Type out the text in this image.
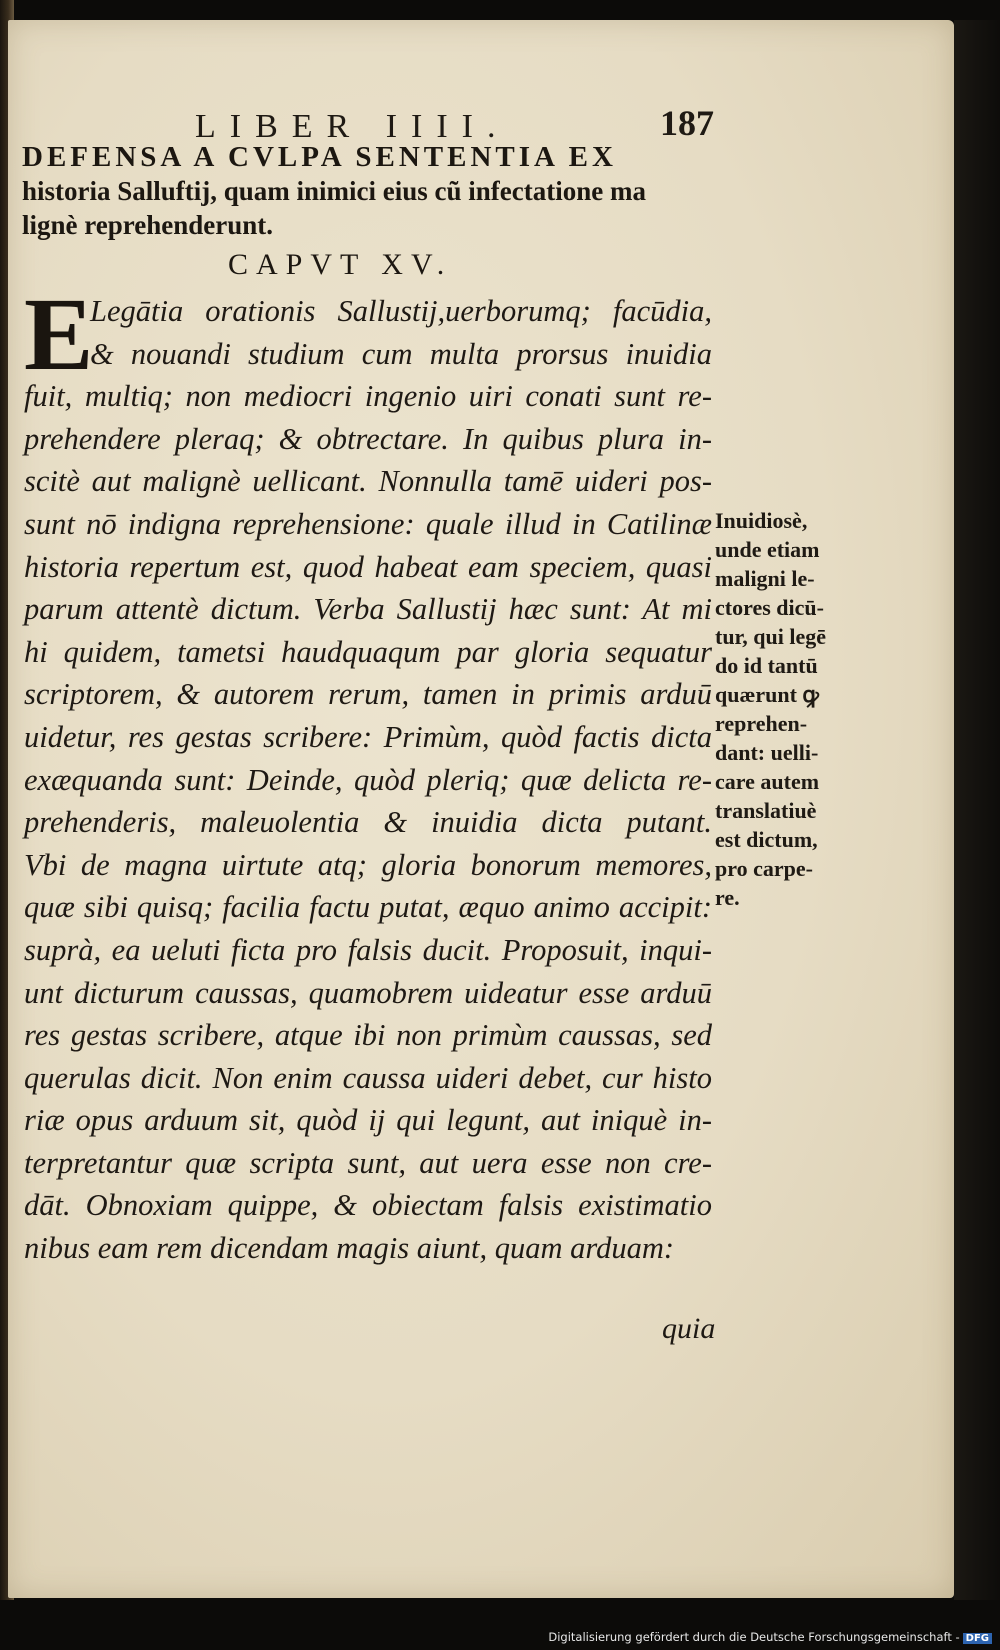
LIBER IIII.	187
DEFENSA A CVLPA SENTENTIA EX
historia Salluftij, quam inimici eius cũ infectatione ma
lignè reprehenderunt.
CAPVT XV.
E
Legātia orationis Sallustij,uerborumq; facūdia,
& nouandi studium cum multa prorsus inuidia
fuit, multiq; non mediocri ingenio uiri conati sunt re-
prehendere pleraq; & obtrectare. In quibus plura in-
scitè aut malignè uellicant. Nonnulla tamē uideri pos-
sunt nō indigna reprehensione: quale illud in Catilinæ
historia repertum est, quod habeat eam speciem, quasi
parum attentè dictum. Verba Sallustij hæc sunt: At mi
hi quidem, tametsi haudquaqum par gloria sequatur
scriptorem, & autorem rerum, tamen in primis arduū
uidetur, res gestas scribere: Primùm, quòd factis dicta
exæquanda sunt: Deinde, quòd pleriq; quæ delicta re-
prehenderis, maleuolentia & inuidia dicta putant.
Vbi de magna uirtute atq; gloria bonorum memores,
quæ sibi quisq; facilia factu putat, æquo animo accipit:
suprà, ea ueluti ficta pro falsis ducit. Proposuit, inqui-
unt dicturum caussas, quamobrem uideatur esse arduū
res gestas scribere, atque ibi non primùm caussas, sed
querulas dicit. Non enim caussa uideri debet, cur histo
riæ opus arduum sit, quòd ij qui legunt, aut iniquè in-
terpretantur quæ scripta sunt, aut uera esse non cre-
dāt. Obnoxiam quippe, & obiectam falsis existimatio
nibus eam rem dicendam magis aiunt, quam arduam:
quia
Inuidiosè,
unde etiam
maligni le-
ctores dicū-
tur, qui legē
do id tantū
quærunt ꝙ
reprehen-
dant: uelli-
care autem
translatiuè
est dictum,
pro carpe-
re.
Digitalisierung gefördert durch die Deutsche Forschungsgemeinschaft - DFG
